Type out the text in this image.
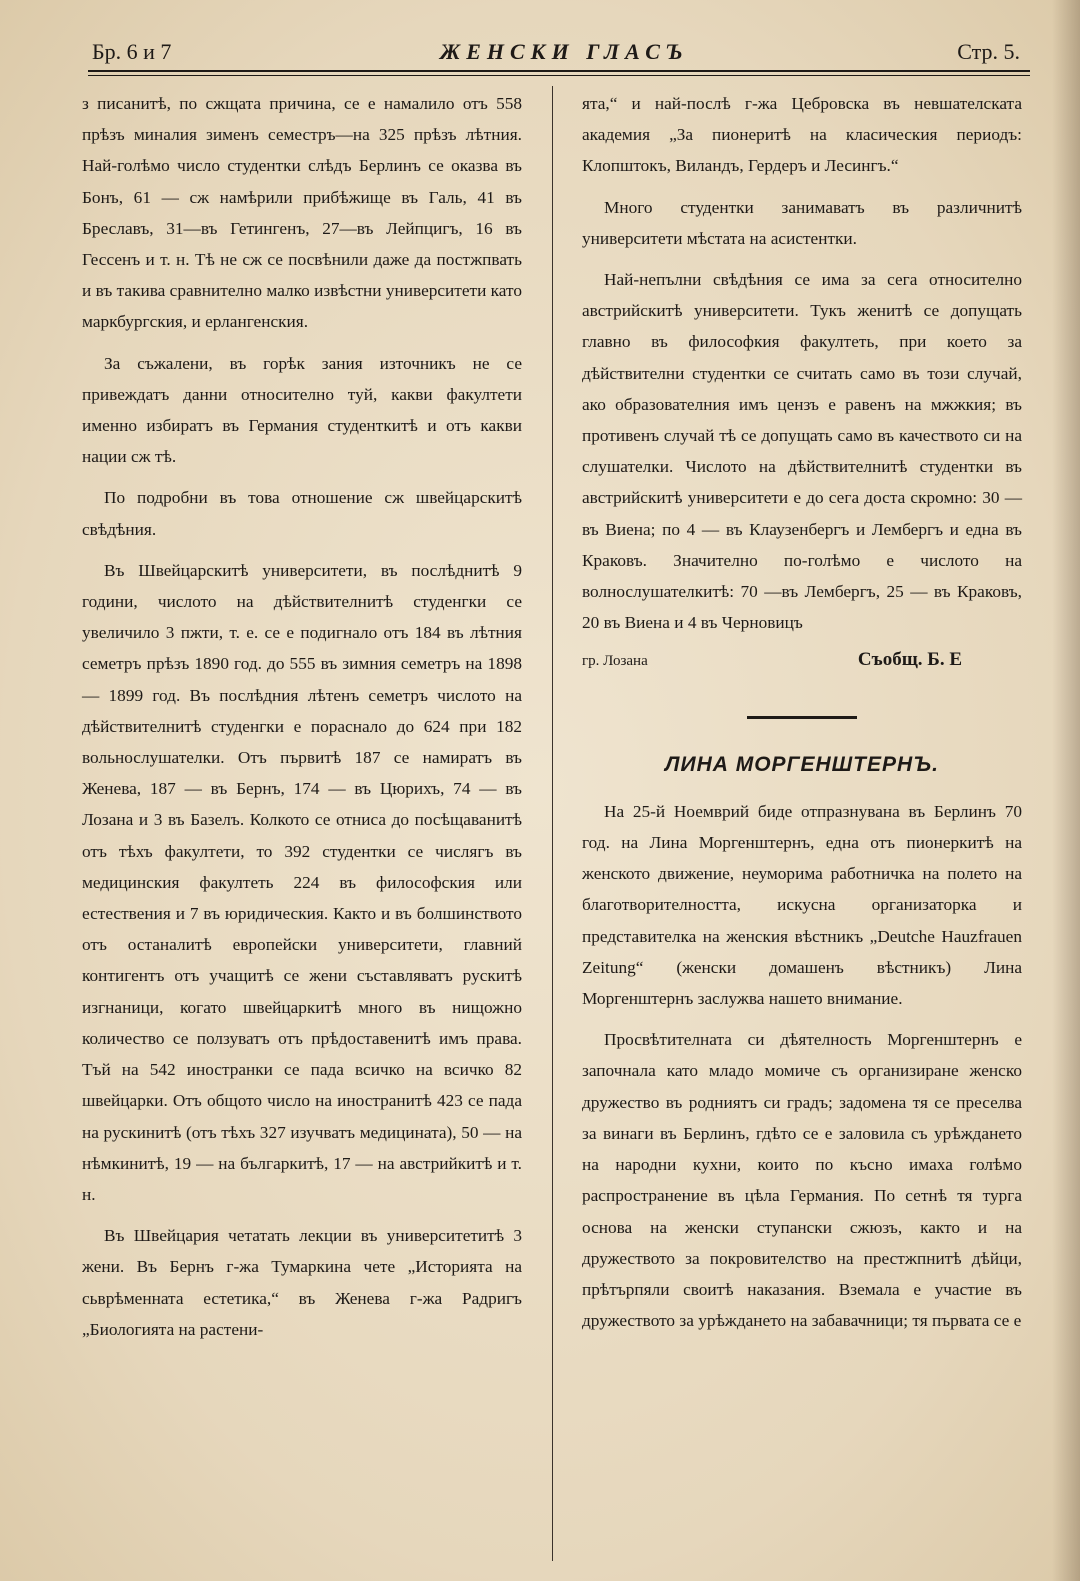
Бр. 6 и 7	ЖЕНСКИ ГЛАСЪ	Стр. 5.

з писанитѣ, по сжщата причина, се е намалило отъ 558 прѣзъ миналия зименъ семестръ—на 325 прѣзъ лѣтния. Най-голѣмо число студентки слѣдъ Берлинъ се оказва въ Бонъ, 61 — сж намѣрили прибѣжище въ Галь, 41 въ Бреславъ, 31—въ Гетингенъ, 27—въ Лейпцигъ, 16 въ Гессенъ и т. н. Тѣ не сж се посвѣнили даже да постжпвать и въ такива сравнително малко извѣстни университети като маркбургския, и ерлангенския.

За съжалени, въ горѣк зания източникъ не се привеждатъ данни относително туй, какви факултети именно избиратъ въ Германия студенткитѣ и отъ какви нации сж тѣ.

По подробни въ това отношение сж швейцарскитѣ свѣдѣния.

Въ Швейцарскитѣ университети, въ послѣднитѣ 9 години, числото на дѣйствителнитѣ студенгки се увеличило 3 пжти, т. е. се е подигнало отъ 184 въ лѣтния семетръ прѣзъ 1890 год. до 555 въ зимния семетръ на 1898 — 1899 год. Въ послѣдния лѣтенъ семетръ числото на дѣйствителнитѣ студенгки е порасналo до 624 при 182 вольнослушателки. Отъ първитѣ 187 се намиратъ въ Женева, 187 — въ Бернъ, 174 — въ Цюрихъ, 74 — въ Лозана и 3 въ Базелъ. Колкото се отниса до посѣщаванитѣ отъ тѣхъ факултети, то 392 студентки се числягъ въ медицинския факултеть 224 въ философския или естествения и 7 въ юридическия. Както и въ болшинството отъ останалитѣ европейски университети, главний контигентъ отъ учащитѣ се жени съставляватъ рускитѣ изгнаници, когато швейцаркитѣ много въ нищожно количество се ползуватъ отъ прѣдоставенитѣ имъ права. Тъй на 542 иностранки се пада всичко на всичко 82 швейцарки. Отъ общото число на иностранитѣ 423 се пада на рускинитѣ (отъ тѣхъ 327 изучватъ медицината), 50 — на нѣмкинитѣ, 19 — на българкитѣ, 17 — на австрийкитѣ и т. н.

Въ Швейцария четатать лекции въ университетитѣ 3 жени. Въ Бернъ г-жа Тумаркина чете „Историята на сьврѣменната естетика,“ въ Женева г-жа Радригъ „Биологията на растени-

ята,“ и най-послѣ г-жа Цебровска въ невшателската академия „За пионеритѣ на класическия периодъ: Клопштокъ, Виландъ, Гердеръ и Лесингъ.“

Много студентки занимаватъ въ различнитѣ университети мѣстата на асистентки.

Най-непълни свѣдѣния се има за сега относително австрийскитѣ университети. Тукъ женитѣ се допущать главно въ философкия факултеть, при което за дѣйствителни студентки се считать само въ този случай, ако образователния имъ цензъ е равенъ на мжжкия; въ противенъ случай тѣ се допущать само въ качеството си на слушателки. Числото на дѣйствителнитѣ студентки въ австрийскитѣ университети е до сега доста скромно: 30 — въ Виена; по 4 — въ Клаузенбергъ и Лембергъ и една въ Краковъ. Значително по-голѣмо е числото на волнослушателкитѣ: 70 —въ Лембергъ, 25 — въ Краковъ, 20 въ Виена и 4 въ Черновицъ

гр. Лозана	Съобщ. Б. Е
ЛИНА МОРГЕНШТЕРНЪ.

На 25-й Ноемврий биде отпразнувана въ Берлинъ 70 год. на Лина Моргенштернъ, една отъ пионеркитѣ на женското движение, неуморима работничка на полето на благотворителността, искусна организаторка и представителка на женския вѣстникъ „Deutche Hauzfrauen Zeitung“ (женски домашенъ вѣстникъ) Лина Моргенштернъ заслужва нашето внимание.

Просвѣтителната си дѣятелность Моргенштернъ е започнала като младо момиче съ организиране женско дружество въ родниятъ си градъ; задомена тя се преселва за винаги въ Берлинъ, гдѣто се е заловила съ урѣждането на народни кухни, които по късно имаха голѣмо распространение въ цѣла Германия. По сетнѣ тя турга основа на женски ступански сжюзъ, както и на дружеството за покровителство на престжпнитѣ дѣйци, прѣтърпяли своитѣ наказания. Вземала е участие въ дружеството за урѣждането на забавачници; тя първата се е
